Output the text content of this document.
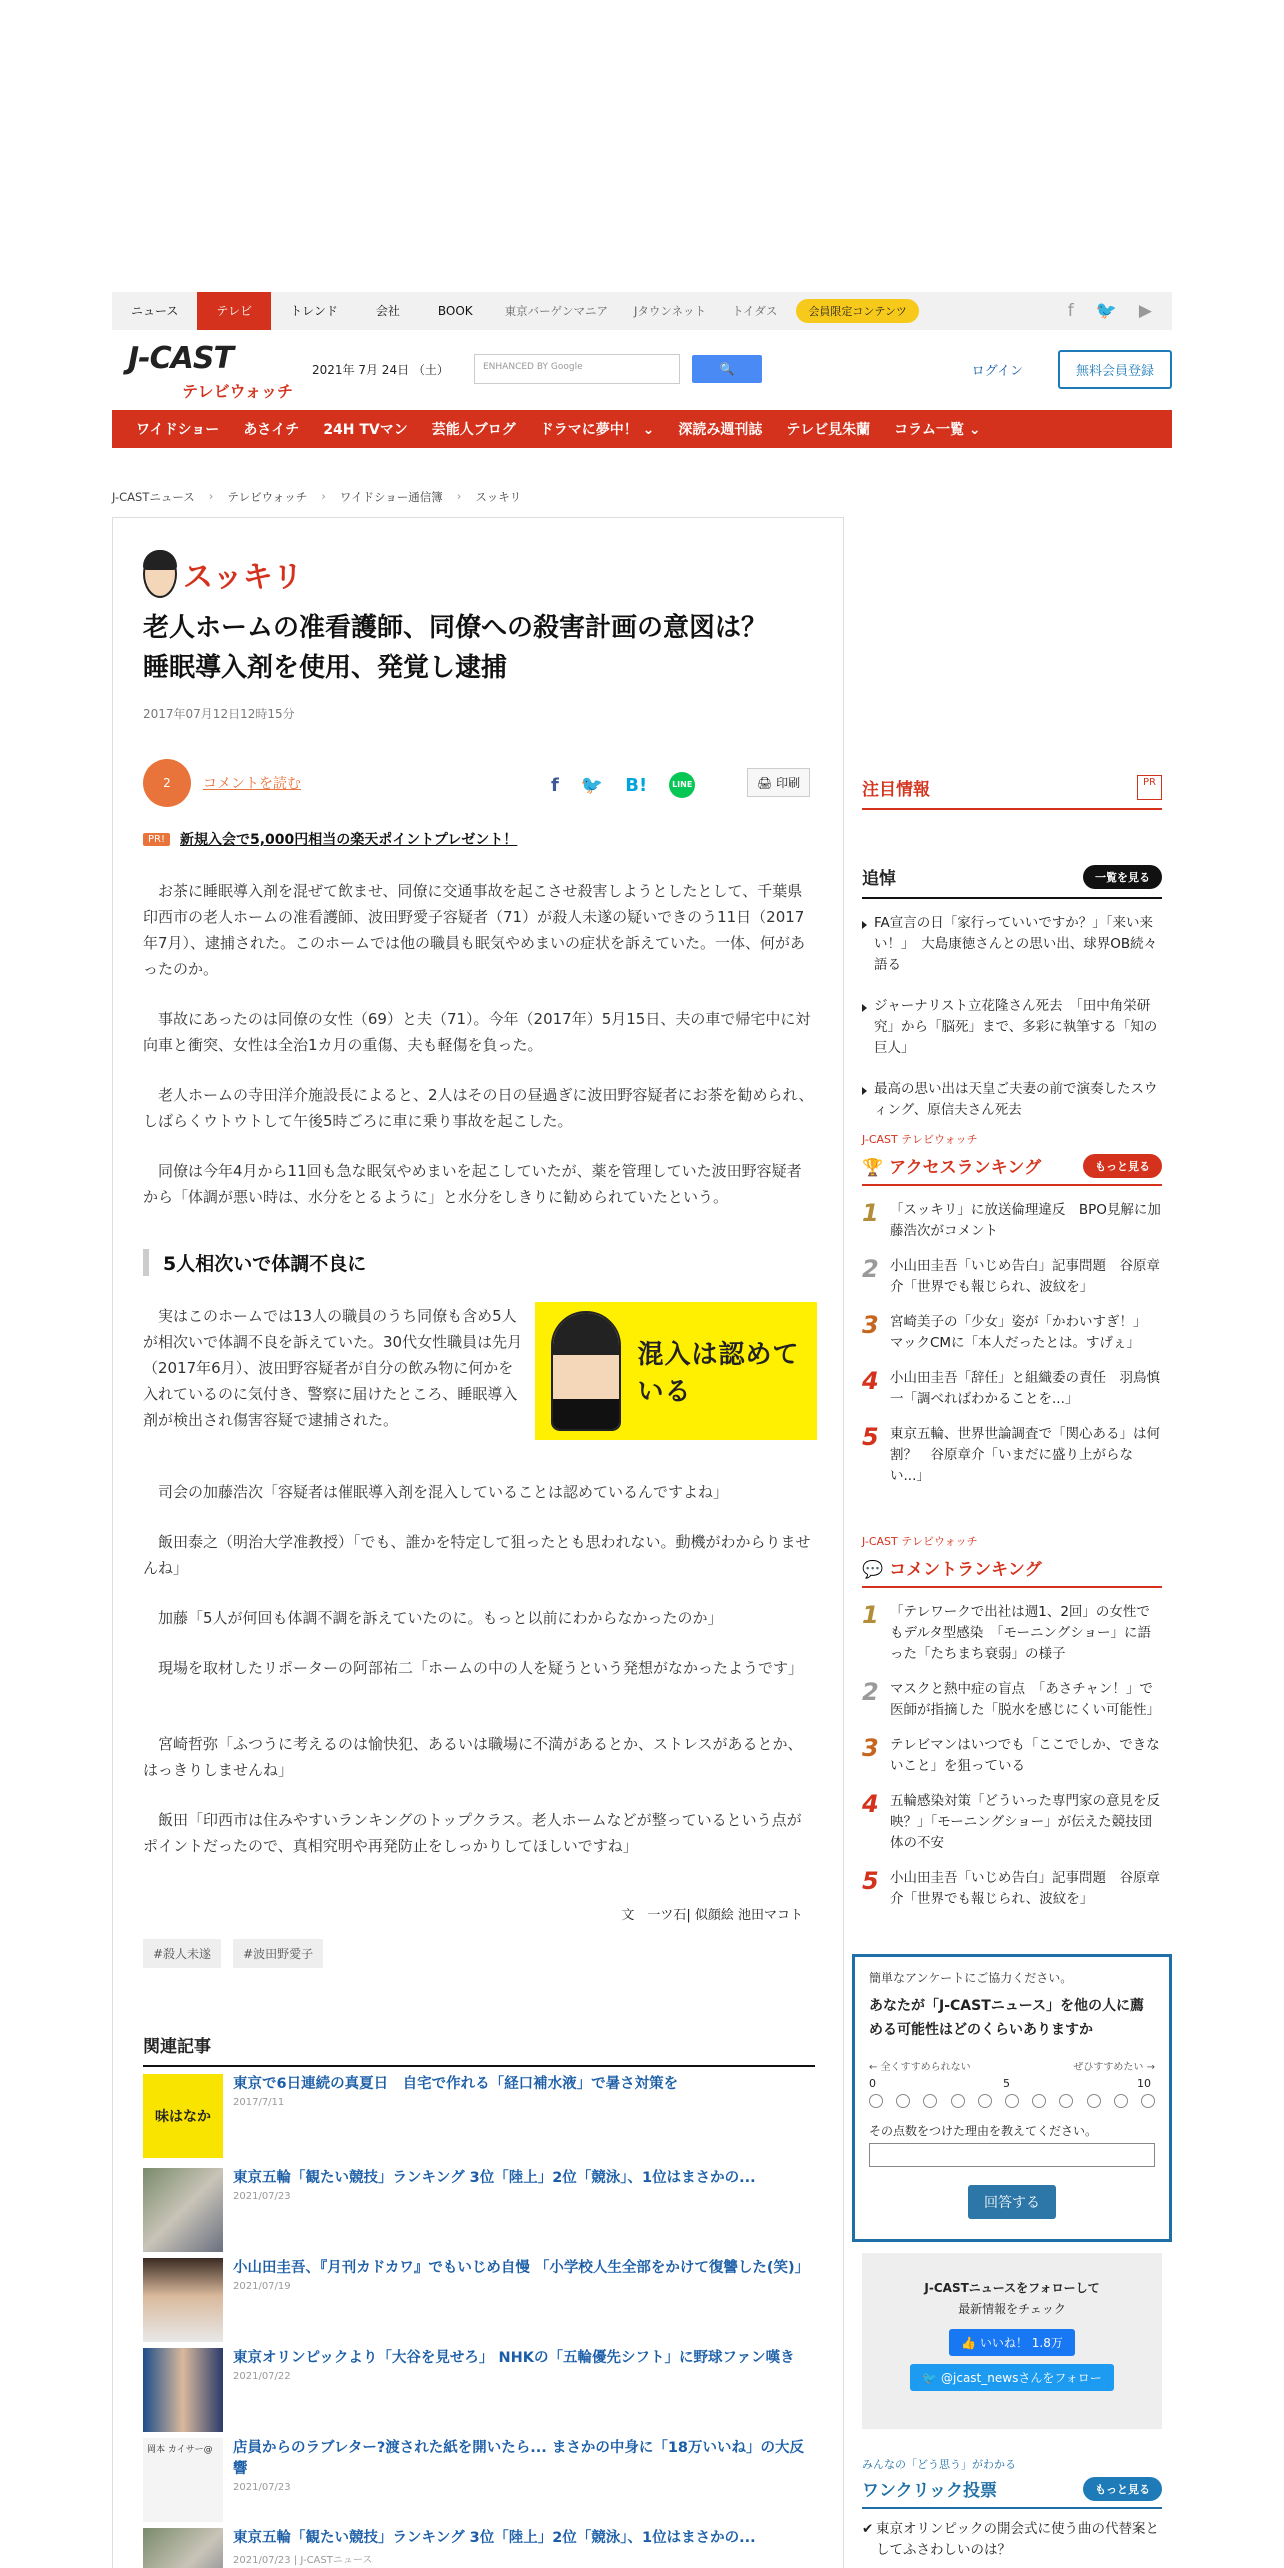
ニュース	テレビ	トレンド	会社	BOOK	東京バーゲンマニア	Jタウンネット	トイダス	会員限定コンテンツ	f 🐦 ▶
J-CAST
テレビウォッチ
2021年 7月 24日 （土）	ENHANCED BY Google	🔍	ログイン	無料会員登録
ワイドショー	あさイチ	24H TVマン	芸能人ブログ	ドラマに夢中！ ⌄	深読み週刊誌	テレビ見朱蘭	コラム一覧 ⌄
J-CASTニュース › テレビウォッチ › ワイドショー通信簿 › スッキリ
スッキリ
老人ホームの准看護師、同僚への殺害計画の意図は？　睡眠導入剤を使用、発覚し逮捕
2017年07月12日12時15分
2	コメントを読む	f 🐦 B!	LINE	🖨 印刷
PR!	新規入会で5,000円相当の楽天ポイントプレゼント！
お茶に睡眠導入剤を混ぜて飲ませ、同僚に交通事故を起こさせ殺害しようとしたとして、千葉県印西市の老人ホームの准看護師、波田野愛子容疑者（71）が殺人未遂の疑いできのう11日（2017年7月）、逮捕された。このホームでは他の職員も眠気やめまいの症状を訴えていた。一体、何があったのか。
事故にあったのは同僚の女性（69）と夫（71）。今年（2017年）5月15日、夫の車で帰宅中に対向車と衝突、女性は全治1カ月の重傷、夫も軽傷を負った。
老人ホームの寺田洋介施設長によると、2人はその日の昼過ぎに波田野容疑者にお茶を勧められ、しばらくウトウトして午後5時ごろに車に乗り事故を起こした。
同僚は今年4月から11回も急な眠気やめまいを起こしていたが、薬を管理していた波田野容疑者から「体調が悪い時は、水分をとるように」と水分をしきりに勧められていたという。
5人相次いで体調不良に
実はこのホームでは13人の職員のうち同僚も含め5人が相次いで体調不良を訴えていた。30代女性職員は先月（2017年6月）、波田野容疑者が自分の飲み物に何かを入れているのに気付き、警察に届けたところ、睡眠導入剤が検出され傷害容疑で逮捕された。
混入は認めている
司会の加藤浩次「容疑者は催眠導入剤を混入していることは認めているんですよね」
飯田泰之（明治大学准教授）「でも、誰かを特定して狙ったとも思われない。動機がわからりませんね」
加藤「5人が何回も体調不調を訴えていたのに。もっと以前にわからなかったのか」
現場を取材したリポーターの阿部祐二「ホームの中の人を疑うという発想がなかったようです」
宮崎哲弥「ふつうに考えるのは愉快犯、あるいは職場に不満があるとか、ストレスがあるとか、はっきりしませんね」
飯田「印西市は住みやすいランキングのトップクラス。老人ホームなどが整っているという点がポイントだったので、真相究明や再発防止をしっかりしてほしいですね」
文　一ツ石| 似顔絵 池田マコト
#殺人未遂	#波田野愛子
関連記事
味はなか
東京で6日連続の真夏日　自宅で作れる「経口補水液」で暑さ対策を
2017/7/11
東京五輪「観たい競技」ランキング 3位「陸上」2位「競泳」、1位はまさかの...
2021/07/23
小山田圭吾、『月刊カドカワ』でもいじめ自慢 「小学校人生全部をかけて復讐した(笑)」
2021/07/19
東京オリンピックより「大谷を見せろ」 NHKの「五輪優先シフト」に野球ファン嘆き
2021/07/22
岡本 カイサー@	店員からのラブレター?渡された紙を開いたら... まさかの中身に「18万いいね」の大反響
2021/07/23
東京五輪「観たい競技」ランキング 3位「陸上」2位「競泳」、1位はまさかの...
2021/07/23 | J-CASTニュース
注目情報	PR
追悼	一覧を見る
FA宣言の日「家行っていいですか？」「来い来い！」　大島康徳さんとの思い出、球界OB続々語る
ジャーナリスト立花隆さん死去　「田中角栄研究」から「脳死」まで、多彩に執筆する「知の巨人」
最高の思い出は天皇ご夫妻の前で演奏したスウィング、原信夫さん死去
J-CAST テレビウォッチ
🏆 アクセスランキング	もっと見る
1 「スッキリ」に放送倫理違反　BPO見解に加藤浩次がコメント
2 小山田圭吾「いじめ告白」記事問題　谷原章介「世界でも報じられ、波紋を」
3 宮崎美子の「少女」姿が「かわいすぎ！」　マックCMに「本人だったとは。すげぇ」
4 小山田圭吾「辞任」と組織委の責任　羽鳥慎一「調べればわかることを...」
5 東京五輪、世界世論調査で「関心ある」は何割？　谷原章介「いまだに盛り上がらない...」
J-CAST テレビウォッチ
💬 コメントランキング
1 「テレワークで出社は週1、2回」の女性でもデルタ型感染　「モーニングショー」に語った「たちまち衰弱」の様子
2 マスクと熱中症の盲点　「あさチャン！」で医師が指摘した「脱水を感じにくい可能性」
3 テレビマンはいつでも「ここでしか、できないこと」を狙っている
4 五輪感染対策「どういった専門家の意見を反映？」「モーニングショー」が伝えた競技団体の不安
5 小山田圭吾「いじめ告白」記事問題　谷原章介「世界でも報じられ、波紋を」
簡単なアンケートにご協力ください。
あなたが「J-CASTニュース」を他の人に薦める可能性はどのくらいありますか
← 全くすすめられない	ぜひすすめたい →
0	5	10
その点数をつけた理由を教えてください。
回答する
J-CASTニュースをフォローして
最新情報をチェック
👍 いいね！ 1.8万
🐦 @jcast_newsさんをフォロー
みんなの「どう思う」がわかる
ワンクリック投票	もっと見る
✔ 東京オリンピックの開会式に使う曲の代替案としてふさわしいのは？
